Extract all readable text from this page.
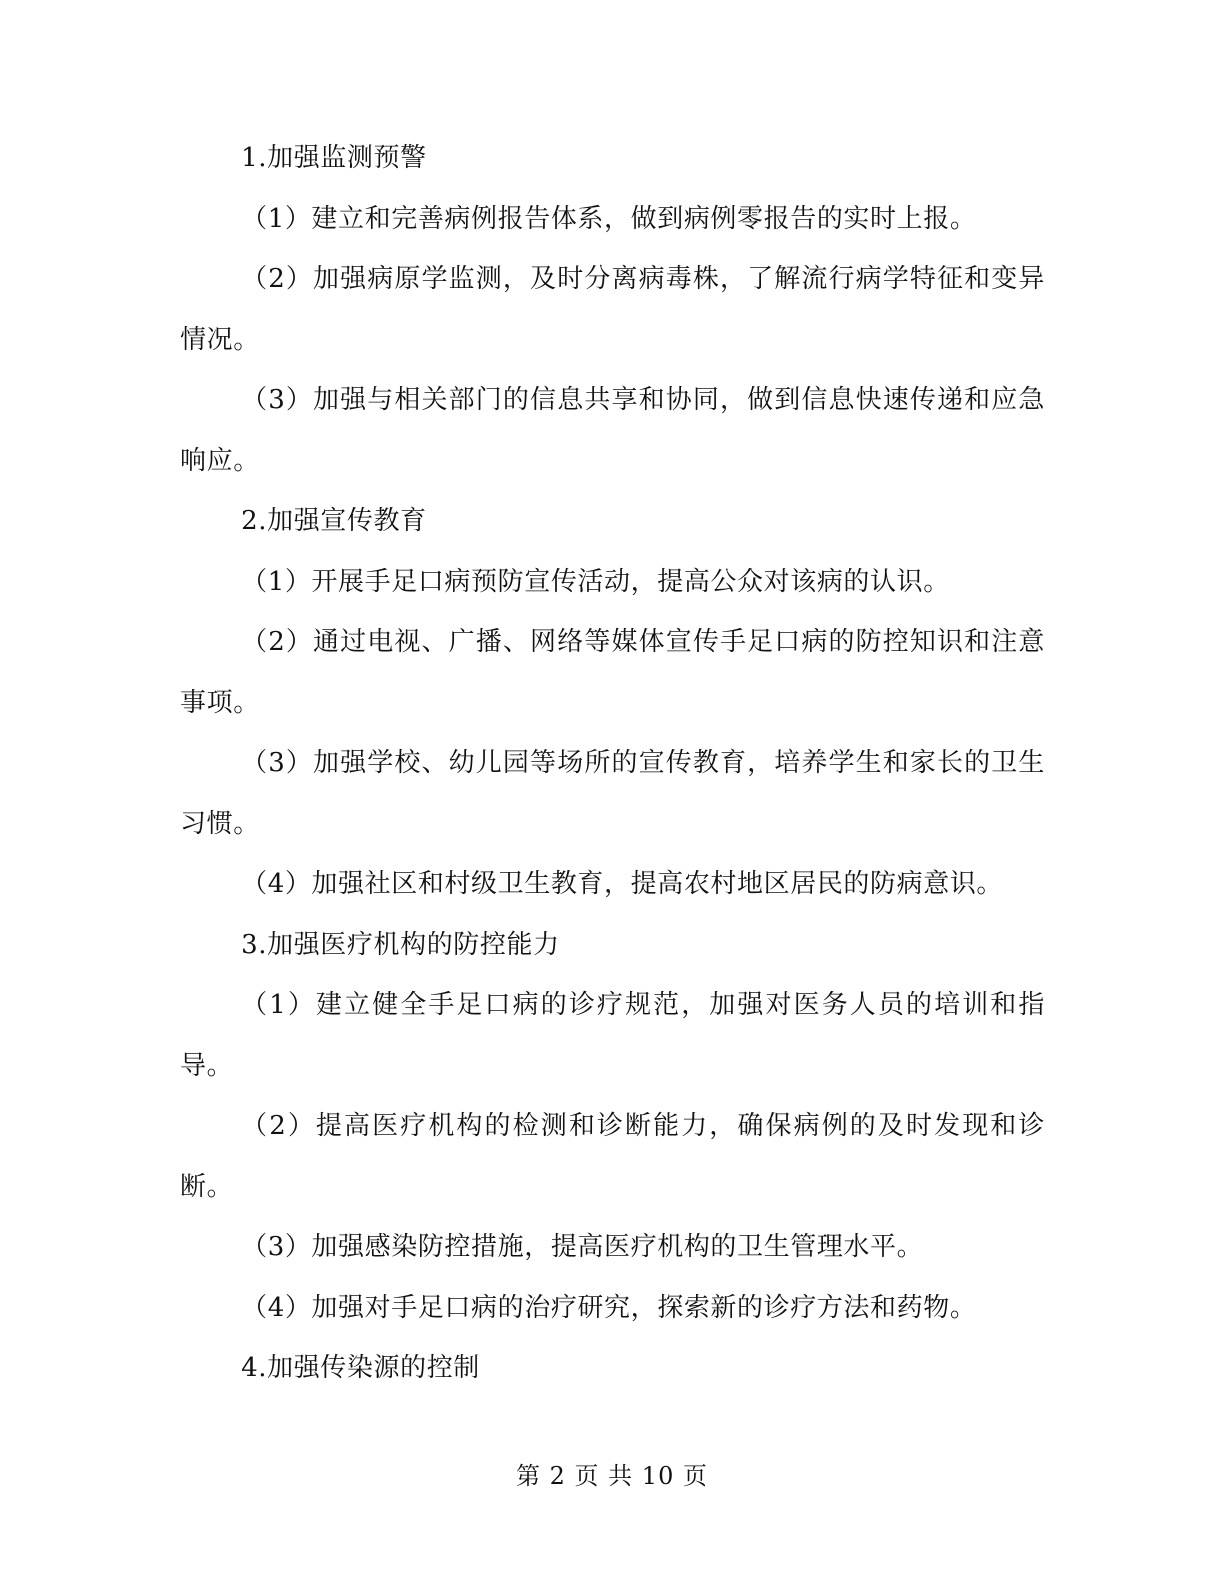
1.加强监测预警

（1）建立和完善病例报告体系，做到病例零报告的实时上报。

（2）加强病原学监测，及时分离病毒株，了解流行病学特征和变异情况。

（3）加强与相关部门的信息共享和协同，做到信息快速传递和应急响应。

2.加强宣传教育

（1）开展手足口病预防宣传活动，提高公众对该病的认识。

（2）通过电视、广播、网络等媒体宣传手足口病的防控知识和注意事项。

（3）加强学校、幼儿园等场所的宣传教育，培养学生和家长的卫生习惯。

（4）加强社区和村级卫生教育，提高农村地区居民的防病意识。

3.加强医疗机构的防控能力

（1）建立健全手足口病的诊疗规范，加强对医务人员的培训和指导。

（2）提高医疗机构的检测和诊断能力，确保病例的及时发现和诊断。

（3）加强感染防控措施，提高医疗机构的卫生管理水平。

（4）加强对手足口病的治疗研究，探索新的诊疗方法和药物。

4.加强传染源的控制

第 2 页 共 10 页
